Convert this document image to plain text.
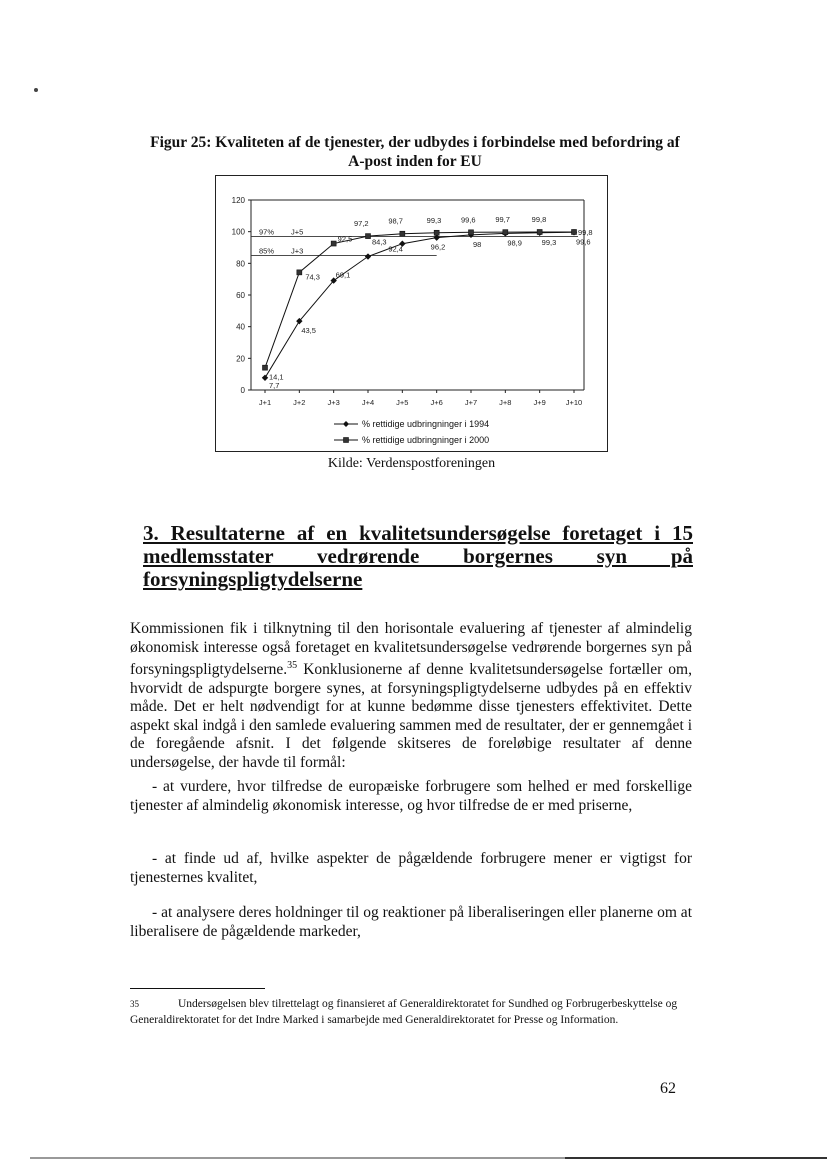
Figur 25: Kvaliteten af de tjenester, der udbydes i forbindelse med befordring af
A-post inden for EU
0
20
40
60
80
100
120
J+1	J+2	J+3	J+4	J+5	J+6	J+7	J+8	J+9	J+10
97% J+5
85% J+3
7,7
43,5
69,1
84,3
92,4	96,2	98	98,9	99,3	99,6
14,1
74,3
92,5
97,2	98,7	99,3	99,6	99,7	99,8
99,8
% rettidige udbringninger i 1994
% rettidige udbringninger i 2000
Kilde: Verdenspostforeningen
3. Resultaterne af en kvalitetsundersøgelse foretaget i 15
medlemsstater vedrørende borgernes syn på
forsyningspligtydelserne

Kommissionen fik i tilknytning til den horisontale evaluering af tjenester af almindelig økonomisk interesse også foretaget en kvalitetsundersøgelse vedrørende borgernes syn på forsyningspligtydelserne.$^{35}$ Konklusionerne af denne kvalitetsundersøgelse fortæller om, hvorvidt de adspurgte borgere synes, at forsyningspligtydelserne udbydes på en effektiv måde. Det er helt nødvendigt for at kunne bedømme disse tjenesters effektivitet. Dette aspekt skal indgå i den samlede evaluering sammen med de resultater, der er gennemgået i de foregående afsnit. I det følgende skitseres de foreløbige resultater af denne undersøgelse, der havde til formål:

- at vurdere, hvor tilfredse de europæiske forbrugere som helhed er med forskellige tjenester af almindelig økonomisk interesse, og hvor tilfredse de er med priserne,

- at finde ud af, hvilke aspekter de pågældende forbrugere mener er vigtigst for tjenesternes kvalitet,

- at analysere deres holdninger til og reaktioner på liberaliseringen eller planerne om at liberalisere de pågældende markeder,

35	Undersøgelsen blev tilrettelagt og finansieret af Generaldirektoratet for Sundhed og Forbrugerbeskyttelse og Generaldirektoratet for det Indre Marked i samarbejde med Generaldirektoratet for Presse og Information.
62
